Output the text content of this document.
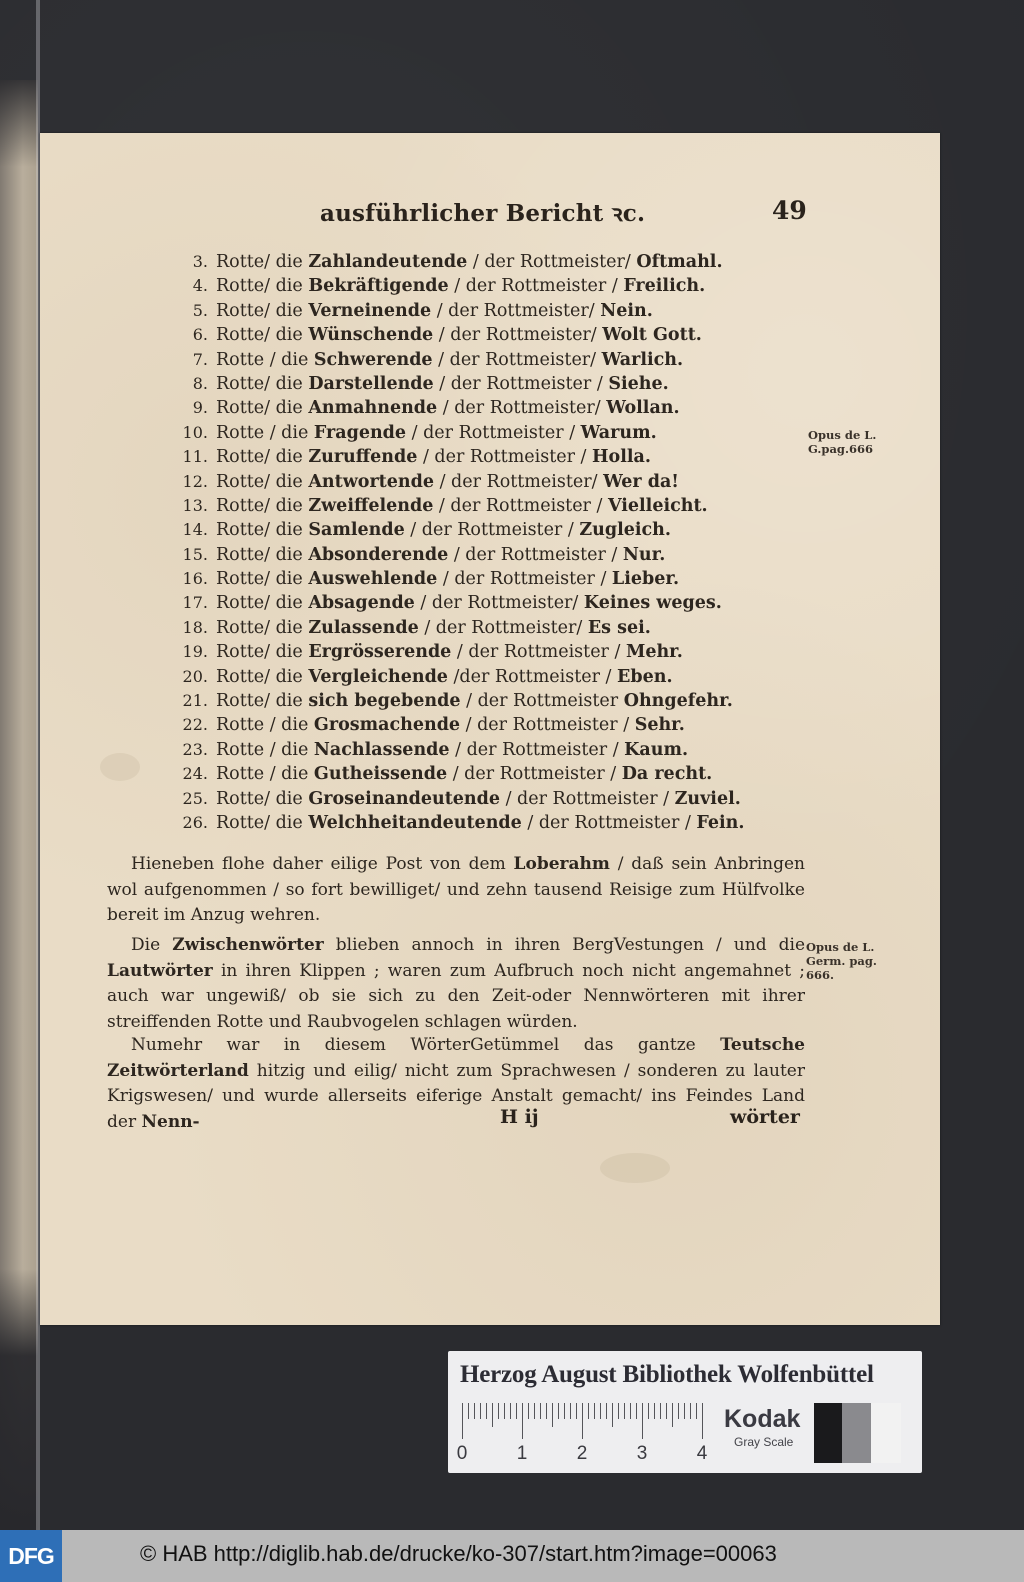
ausführlicher Bericht ꝛc.	49
3. Rotte/ die Zahlandeutende / der Rottmeister/ Oftmahl.
4. Rotte/ die Bekräftigende / der Rottmeister / Freilich.
5. Rotte/ die Verneinende / der Rottmeister/ Nein.
6. Rotte/ die Wünschende / der Rottmeister/ Wolt Gott.
7. Rotte / die Schwerende / der Rottmeister/ Warlich.
8. Rotte/ die Darstellende / der Rottmeister / Siehe.
9. Rotte/ die Anmahnende / der Rottmeister/ Wollan.
10. Rotte / die Fragende / der Rottmeister / Warum.
11. Rotte/ die Zuruffende / der Rottmeister / Holla.
12. Rotte/ die Antwortende / der Rottmeister/ Wer da!
13. Rotte/ die Zweiffelende / der Rottmeister / Vielleicht.
14. Rotte/ die Samlende / der Rottmeister / Zugleich.
15. Rotte/ die Absonderende / der Rottmeister / Nur.
16. Rotte/ die Auswehlende / der Rottmeister / Lieber.
17. Rotte/ die Absagende / der Rottmeister/ Keines weges.
18. Rotte/ die Zulassende / der Rottmeister/ Es sei.
19. Rotte/ die Ergrösserende / der Rottmeister / Mehr.
20. Rotte/ die Vergleichende /der Rottmeister / Eben.
21. Rotte/ die sich begebende / der Rottmeister Ohngefehr.
22. Rotte / die Grosmachende / der Rottmeister / Sehr.
23. Rotte / die Nachlassende / der Rottmeister / Kaum.
24. Rotte / die Gutheissende / der Rottmeister / Da recht.
25. Rotte/ die Groseinandeutende / der Rottmeister / Zuviel.
26. Rotte/ die Welchheitandeutende / der Rottmeister / Fein.
Opus de L.
G.pag.666
Opus de L.
Germ. pag.
666.
Hieneben flohe daher eilige Post von dem Loberahm / daß sein Anbringen wol aufgenommen / so fort bewilliget/ und zehn tausend Reisige zum Hülfvolke bereit im Anzug wehren.
Die Zwischenwörter blieben annoch in ihren BergVestungen / und die Lautwörter in ihren Klippen ; waren zum Aufbruch noch nicht angemahnet ; auch war ungewiß/ ob sie sich zu den Zeit-oder Nennwörteren mit ihrer streiffenden Rotte und Raubvogelen schlagen würden.
Numehr war in diesem WörterGetümmel das gantze Teutsche Zeitwörterland hitzig und eilig/ nicht zum Sprachwesen / sonderen zu lauter Krigswesen/ und wurde allerseits eiferige Anstalt gemacht/ ins Feindes Land der Nenn-	H ij	wörter
Herzog August Bibliothek Wolfenbüttel
0	1	2	3	4
Kodak
Gray Scale
DFG	© HAB http://diglib.hab.de/drucke/ko-307/start.htm?image=00063
